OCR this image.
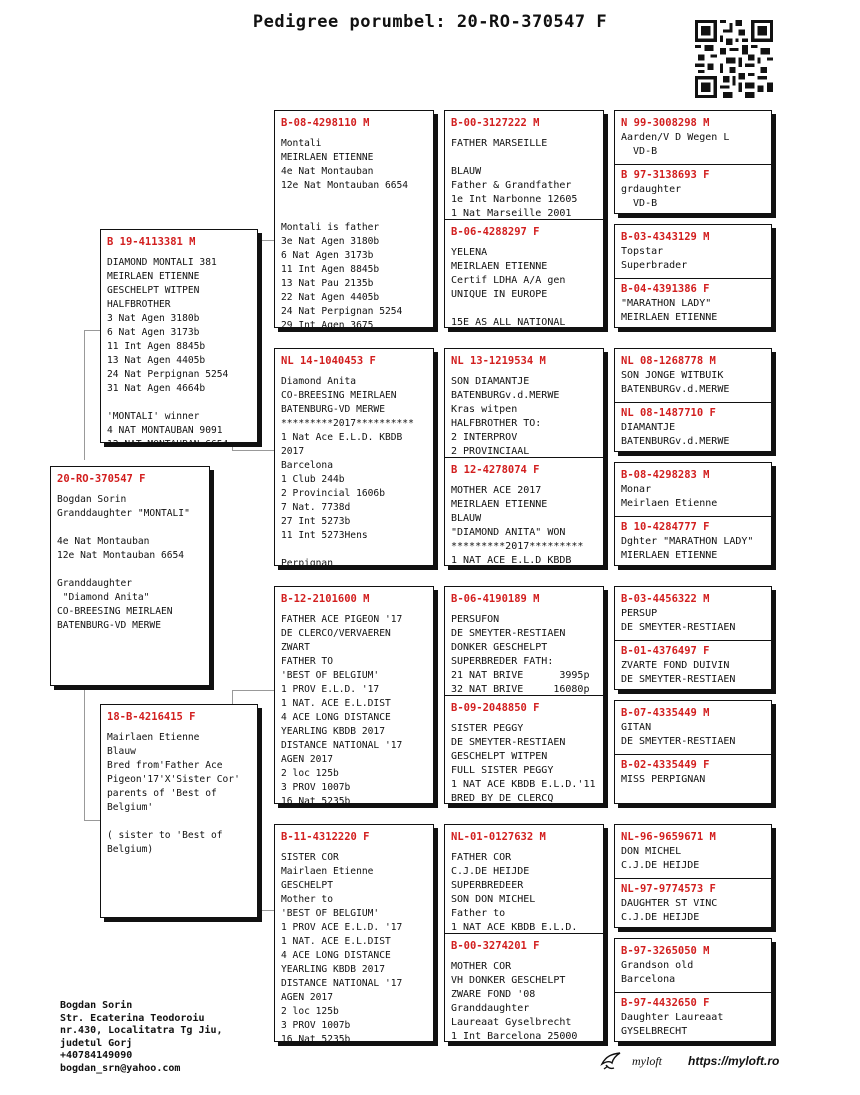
Pedigree porumbel: 20-RO-370547 F
20-RO-370547 F
Bogdan Sorin
Granddaughter "MONTALI"

4e Nat Montauban
12e Nat Montauban 6654

Granddaughter
"Diamond Anita"
CO-BREESING MEIRLAEN
BATENBURG-VD MERWE
B 19-4113381 M
DIAMOND MONTALI 381
MEIRLAEN ETIENNE
GESCHELPT WITPEN
HALFBROTHER
3 Nat Agen 3180b
6 Nat Agen 3173b
11 Int Agen 8845b
13 Nat Agen 4405b
24 Nat Perpignan 5254
31 Nat Agen 4664b

'MONTALI' winner
4 NAT MONTAUBAN 9091
12 NAT MONTAUBAN 6654
18-B-4216415 F
Mairlaen Etienne
Blauw
Bred from'Father Ace
Pigeon'17'X'Sister Cor'
parents of 'Best of
Belgium'

( sister to 'Best of
Belgium)
B-08-4298110 M
Montali
MEIRLAEN ETIENNE
4e Nat Montauban
12e Nat Montauban 6654

Montali is father
3e Nat Agen 3180b
6 Nat Agen 3173b
11 Int Agen 8845b
13 Nat Pau 2135b
22 Nat Agen 4405b
24 Nat Perpignan 5254
29 Int Agen 3675
NL 14-1040453 F
Diamond Anita
CO-BREESING MEIRLAEN
BATENBURG-VD MERWE
*********2017**********
1 Nat Ace E.L.D. KBDB
2017
Barcelona
1 Club 244b
2 Provincial 1606b
7 Nat. 7738d
27 Int 5273b
11 Int 5273Hens

Perpignan
B-12-2101600 M
FATHER ACE PIGEON '17
DE CLERCO/VERVAEREN
ZWART
FATHER TO
'BEST OF BELGIUM'
1 PROV E.L.D. '17
1 NAT. ACE E.L.DIST
4 ACE LONG DISTANCE
YEARLING KBDB 2017
DISTANCE NATIONAL '17
AGEN 2017
2 loc 125b
3 PROV 1007b
16 Nat 5235b
B-11-4312220 F
SISTER COR
Mairlaen Etienne
GESCHELPT
Mother to
'BEST OF BELGIUM'
1 PROV ACE E.L.D. '17
1 NAT. ACE E.L.DIST
4 ACE LONG DISTANCE
YEARLING KBDB 2017
DISTANCE NATIONAL '17
AGEN 2017
2 loc 125b
3 PROV 1007b
16 Nat 5235b
B-00-3127222 M
FATHER MARSEILLE

BLAUW
Father & Grandfather
1e Int Narbonne 12605
1 Nat Marseille 2001
B-06-4288297 F
YELENA
MEIRLAEN ETIENNE
Certif LDHA A/A gen
UNIQUE IN EUROPE

15E AS ALL NATIONAL
NL 13-1219534 M
SON DIAMANTJE
BATENBURGv.d.MERWE
Kras witpen
HALFBROTHER TO:
2 INTERPROV
2 PROVINCIAAL
B 12-4278074 F
MOTHER ACE 2017
MEIRLAEN ETIENNE
BLAUW
"DIAMOND ANITA" WON
*********2017*********
1 NAT ACE E.L.D KBDB
B-06-4190189 M
PERSUFON
DE SMEYTER-RESTIAEN
DONKER GESCHELPT
SUPERBREDER FATH:
21 NAT BRIVE      3995p
32 NAT BRIVE     16080p
B-09-2048850 F
SISTER PEGGY
DE SMEYTER-RESTIAEN
GESCHELPT WITPEN
FULL SISTER PEGGY
1 NAT ACE KBDB E.L.D.'11
BRED BY DE CLERCQ
NL-01-0127632 M
FATHER COR
C.J.DE HEIJDE
SUPERBREDEER
SON DON MICHEL
Father to
1 NAT ACE KBDB E.L.D.
B-00-3274201 F
MOTHER COR
VH DONKER GESCHELPT
ZWARE FOND '08
Granddaughter
Laureaat Gyselbrecht
1 Int Barcelona 25000
N 99-3008298 M
Aarden/V D Wegen L
VD-B
B 97-3138693 F
grdaughter
VD-B
B-03-4343129 M
Topstar
Superbrader
B-04-4391386 F
"MARATHON LADY"
MEIRLAEN ETIENNE
NL 08-1268778 M
SON JONGE WITBUIK
BATENBURGv.d.MERWE
NL 08-1487710 F
DIAMANTJE
BATENBURGv.d.MERWE
B-08-4298283 M
Monar
Meirlaen Etienne
B 10-4284777 F
Dghter "MARATHON LADY"
MIERLAEN ETIENNE
B-03-4456322 M
PERSUP
DE SMEYTER-RESTIAEN
B-01-4376497 F
ZVARTE FOND DUIVIN
DE SMEYTER-RESTIAEN
B-07-4335449 M
GITAN
DE SMEYTER-RESTIAEN
B-02-4335449 F
MISS PERPIGNAN
NL-96-9659671 M
DON MICHEL
C.J.DE HEIJDE
NL-97-9774573 F
DAUGHTER ST VINC
C.J.DE HEIJDE
B-97-3265050 M
Grandson old
Barcelona
B-97-4432650 F
Daughter Laureaat
GYSELBRECHT
Bogdan Sorin
Str. Ecaterina Teodoroiu
nr.430, Localitatra Tg Jiu,
judetul Gorj
+40784149090
bogdan_srn@yahoo.com
myloft https://myloft.ro
